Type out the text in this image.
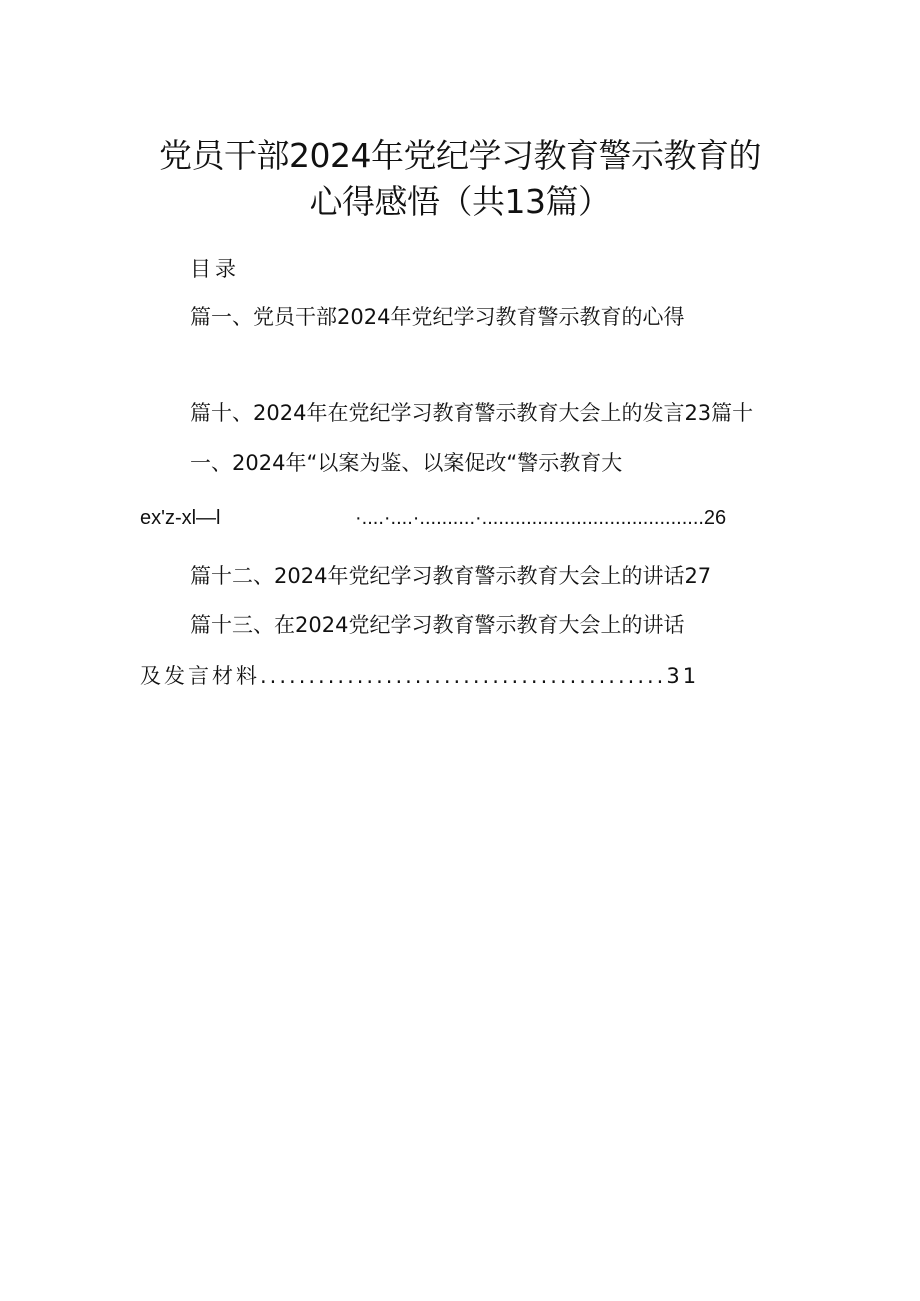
党员干部2024年党纪学习教育警示教育的
心得感悟（共13篇）
目录
篇一、党员干部2024年党纪学习教育警示教育的心得
篇十、2024年在党纪学习教育警示教育大会上的发言23篇十
一、2024年“以案为鉴、以案促改“警示教育大
ex'z-xl—l	·....·....·..........·........................................26
篇十二、2024年党纪学习教育警示教育大会上的讲话27
篇十三、在2024党纪学习教育警示教育大会上的讲话
及发言材料..........................................31
